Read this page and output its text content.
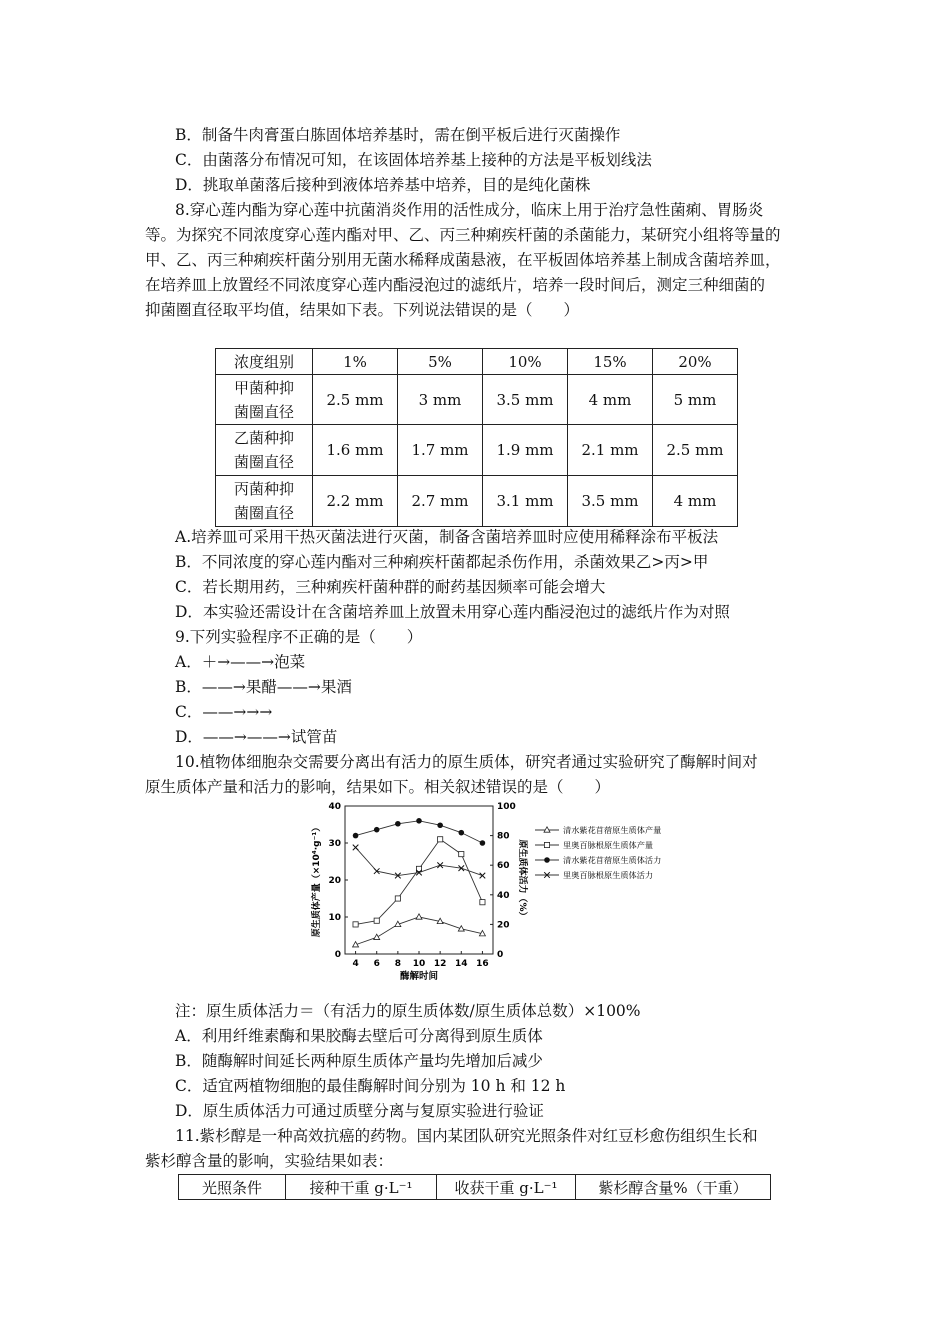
B．制备牛肉膏蛋白胨固体培养基时，需在倒平板后进行灭菌操作
C．由菌落分布情况可知，在该固体培养基上接种的方法是平板划线法
D．挑取单菌落后接种到液体培养基中培养，目的是纯化菌株
8.穿心莲内酯为穿心莲中抗菌消炎作用的活性成分，临床上用于治疗急性菌痢、胃肠炎
等。为探究不同浓度穿心莲内酯对甲、乙、丙三种痢疾杆菌的杀菌能力，某研究小组将等量的
甲、乙、丙三种痢疾杆菌分别用无菌水稀释成菌悬液，在平板固体培养基上制成含菌培养皿，
在培养皿上放置经不同浓度穿心莲内酯浸泡过的滤纸片，培养一段时间后，测定三种细菌的
抑菌圈直径取平均值，结果如下表。下列说法错误的是（　　）
浓度组别	1%	5%	10%	15%	20%

甲菌种抑
菌圈直径	2.5 mm	3 mm	3.5 mm	4 mm	5 mm

乙菌种抑
菌圈直径	1.6 mm	1.7 mm	1.9 mm	2.1 mm	2.5 mm

丙菌种抑
菌圈直径	2.2 mm	2.7 mm	3.1 mm	3.5 mm	4 mm
A.培养皿可采用干热灭菌法进行灭菌，制备含菌培养皿时应使用稀释涂布平板法
B．不同浓度的穿心莲内酯对三种痢疾杆菌都起杀伤作用，杀菌效果乙>丙>甲
C．若长期用药，三种痢疾杆菌种群的耐药基因频率可能会增大
D．本实验还需设计在含菌培养皿上放置未用穿心莲内酯浸泡过的滤纸片作为对照
9.下列实验程序不正确的是（　　）
A．＋→——→泡菜
B．——→果醋——→果酒
C．——→→→
D．——→——→试管苗
10.植物体细胞杂交需要分离出有活力的原生质体，研究者通过实验研究了酶解时间对
原生质体产量和活力的影响，结果如下。相关叙述错误的是（　　）
0
10
20
30
40
0
20
40
60
80
100
4 6 8 10 12 14 16
酶解时间
原生质体产量（×10⁴·g⁻¹）	原生质体活力（%）
清水紫花苜蓿原生质体产量
里奥百脉根原生质体产量
清水紫花苜蓿原生质体活力
里奥百脉根原生质体活力
注：原生质体活力＝（有活力的原生质体数/原生质体总数）×100%
A．利用纤维素酶和果胶酶去壁后可分离得到原生质体
B．随酶解时间延长两种原生质体产量均先增加后减少
C．适宜两植物细胞的最佳酶解时间分别为 10 h 和 12 h
D．原生质体活力可通过质壁分离与复原实验进行验证
11.紫杉醇是一种高效抗癌的药物。国内某团队研究光照条件对红豆杉愈伤组织生长和
紫杉醇含量的影响，实验结果如表：
光照条件	接种干重 g·L⁻¹	收获干重 g·L⁻¹	紫杉醇含量%（干重）
